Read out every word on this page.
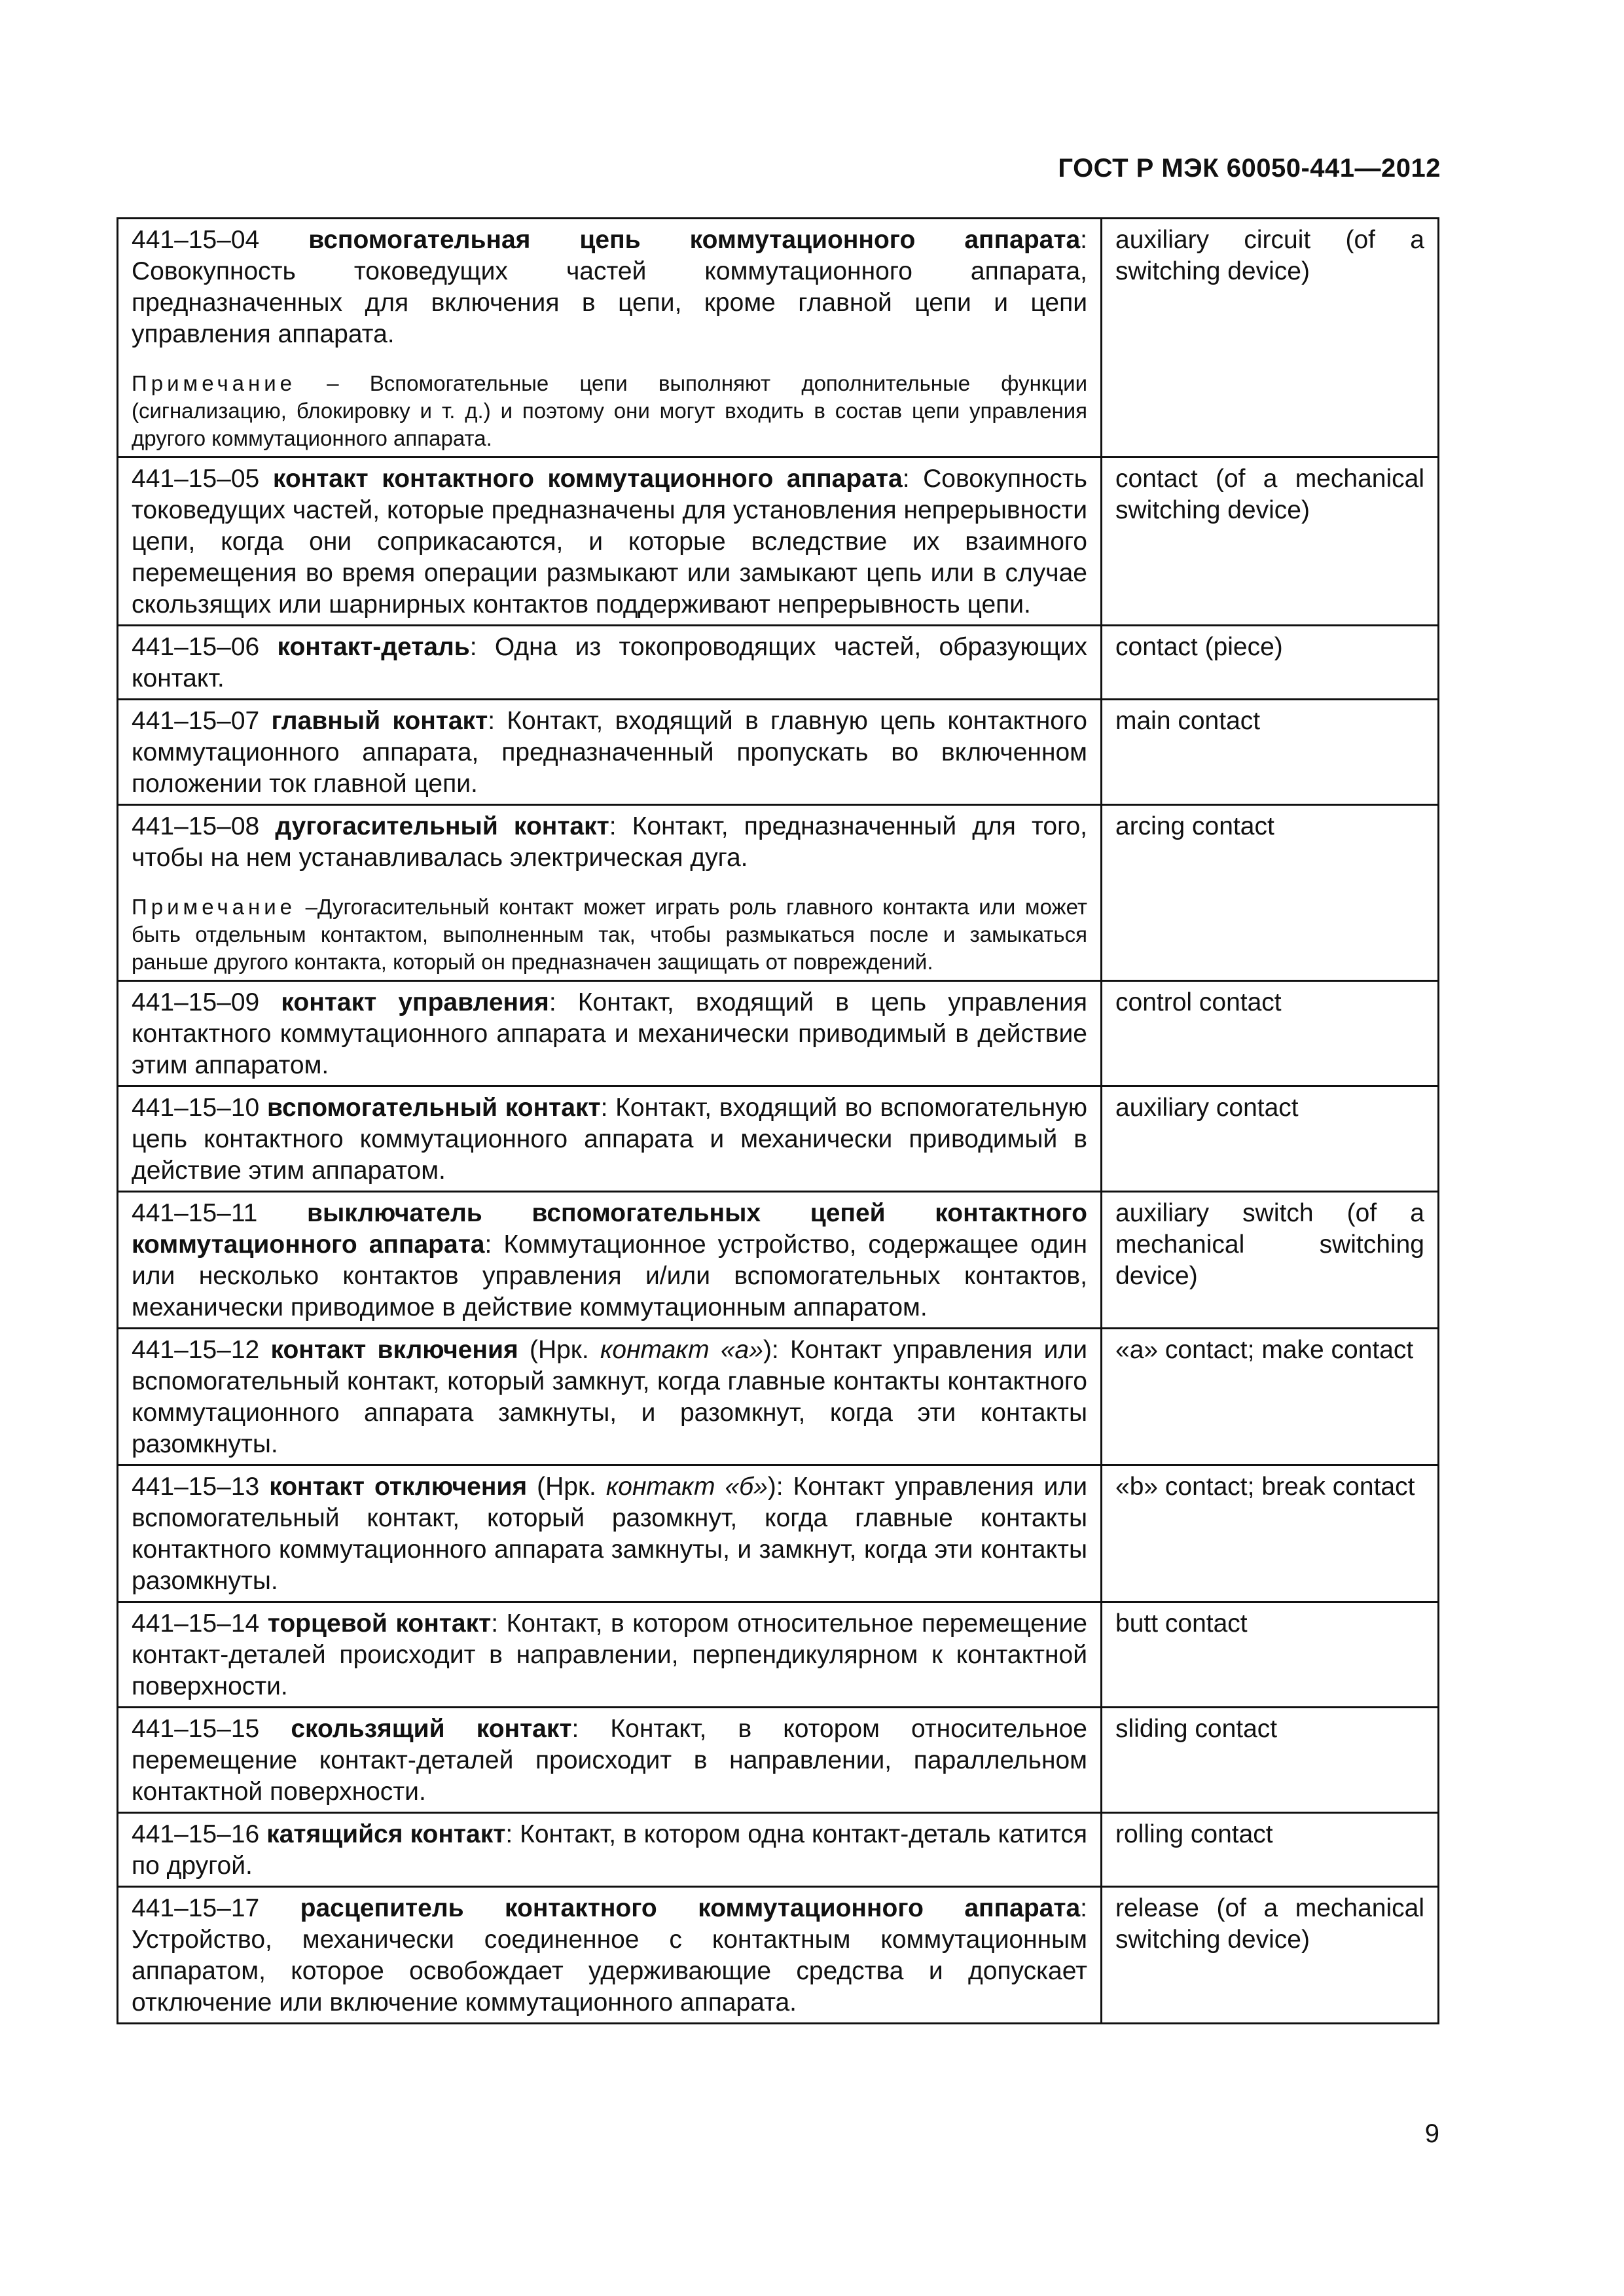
ГОСТ Р МЭК 60050-441—2012
441–15–04 вспомогательная цепь коммутационного аппарата: Совокупность токоведущих частей коммутационного аппарата, предназначенных для включения в цепи, кроме главной цепи и цепи управления аппарата.
Примечание – Вспомогательные цепи выполняют дополнительные функции (сигнализацию, блокировку и т. д.) и поэтому они могут входить в состав цепи управления другого коммутационного аппарата.	auxiliary circuit (of a switching device)
441–15–05 контакт контактного коммутационного аппарата: Совокупность токоведущих частей, которые предназначены для установления непрерывности цепи, когда они соприкасаются, и которые вследствие их взаимного перемещения во время операции размыкают или замыкают цепь или в случае скользящих или шарнирных контактов поддерживают непрерывность цепи.	contact (of a mechanical switching device)
441–15–06 контакт-деталь: Одна из токопроводящих частей, образующих контакт.	contact (piece)
441–15–07 главный контакт: Контакт, входящий в главную цепь контактного коммутационного аппарата, предназначенный пропускать во включенном положении ток главной цепи.	main contact
441–15–08 дугогасительный контакт: Контакт, предназначенный для того, чтобы на нем устанавливалась электрическая дуга.
Примечание –Дугогасительный контакт может играть роль главного контакта или может быть отдельным контактом, выполненным так, чтобы размыкаться после и замыкаться раньше другого контакта, который он предназначен защищать от повреждений.	arcing contact
441–15–09 контакт управления: Контакт, входящий в цепь управления контактного коммутационного аппарата и механически приводимый в действие этим аппаратом.	control contact
441–15–10 вспомогательный контакт: Контакт, входящий во вспомогательную цепь контактного коммутационного аппарата и механически приводимый в действие этим аппаратом.	auxiliary contact
441–15–11 выключатель вспомогательных цепей контактного коммутационного аппарата: Коммутационное устройство, содержащее один или несколько контактов управления и/или вспомогательных контактов, механически приводимое в действие коммутационным аппаратом.	auxiliary switch (of a mechanical switching device)
441–15–12 контакт включения (Нрк. контакт «а»): Контакт управления или вспомогательный контакт, который замкнут, когда главные контакты контактного коммутационного аппарата замкнуты, и разомкнут, когда эти контакты разомкнуты.	«a» contact; make contact
441–15–13 контакт отключения (Нрк. контакт «б»): Контакт управления или вспомогательный контакт, который разомкнут, когда главные контакты контактного коммутационного аппарата замкнуты, и замкнут, когда эти контакты разомкнуты.	«b» contact; break contact
441–15–14 торцевой контакт: Контакт, в котором относительное перемещение контакт-деталей происходит в направлении, перпендикулярном к контактной поверхности.	butt contact
441–15–15 скользящий контакт: Контакт, в котором относительное перемещение контакт-деталей происходит в направлении, параллельном контактной поверхности.	sliding contact
441–15–16 катящийся контакт: Контакт, в котором одна контакт-деталь катится по другой.	rolling contact
441–15–17 расцепитель контактного коммутационного аппарата: Устройство, механически соединенное с контактным коммутационным аппаратом, которое освобождает удерживающие средства и допускает отключение или включение коммутационного аппарата.	release (of a mechanical switching device)
9
